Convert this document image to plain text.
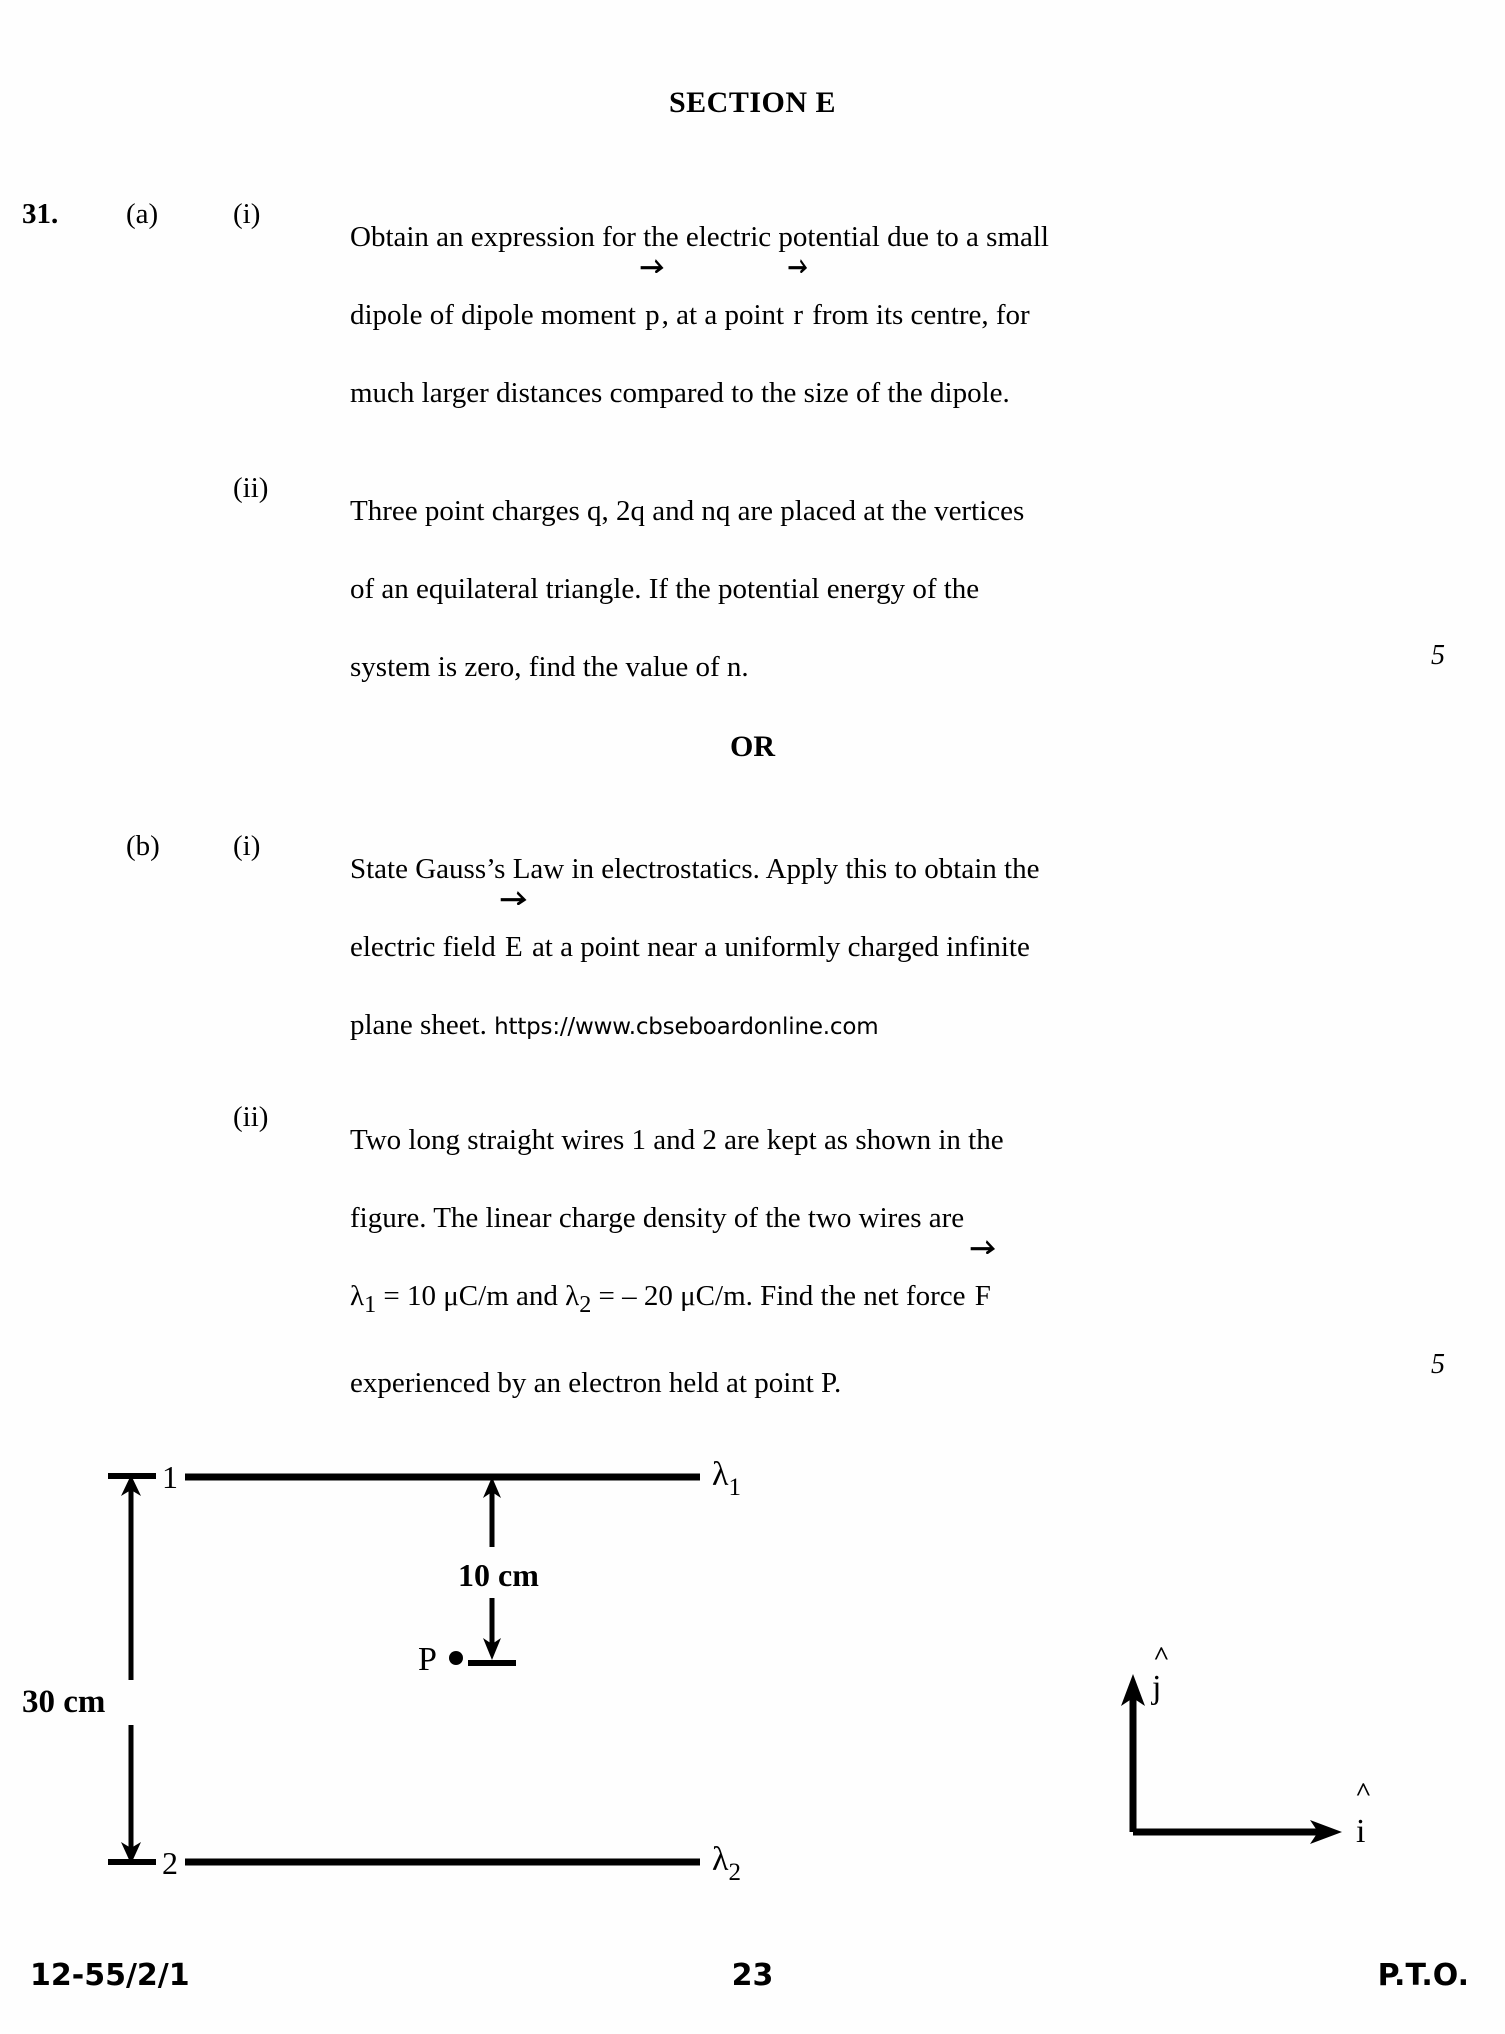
SECTION E
31. (a)	(i)

Obtain an expression for the electric potential due to a small

dipole of dipole moment p, at a point r from its centre, for

much larger distances compared to the size of the dipole.

(ii)

Three point charges q, 2q and nq are placed at the vertices

of an equilateral triangle. If the potential energy of the

system is zero, find the value of n.	5
OR
(b)	(i)

State Gauss’s Law in electrostatics. Apply this to obtain the

electric field E at a point near a uniformly charged infinite

plane sheet. https://www.cbseboardonline.com

(ii)

Two long straight wires 1 and 2 are kept as shown in the

figure. The linear charge density of the two wires are

$\lambda_1 = 10$ μC/m and $\lambda_2$ = – 20 μC/m. Find the net force F

experienced by an electron held at point P.

5
1
2
$\lambda_1$
$\lambda_2$
30 cm
10 cm
P	˄
j
˄
i
12-55/2/1	23	P.T.O.
